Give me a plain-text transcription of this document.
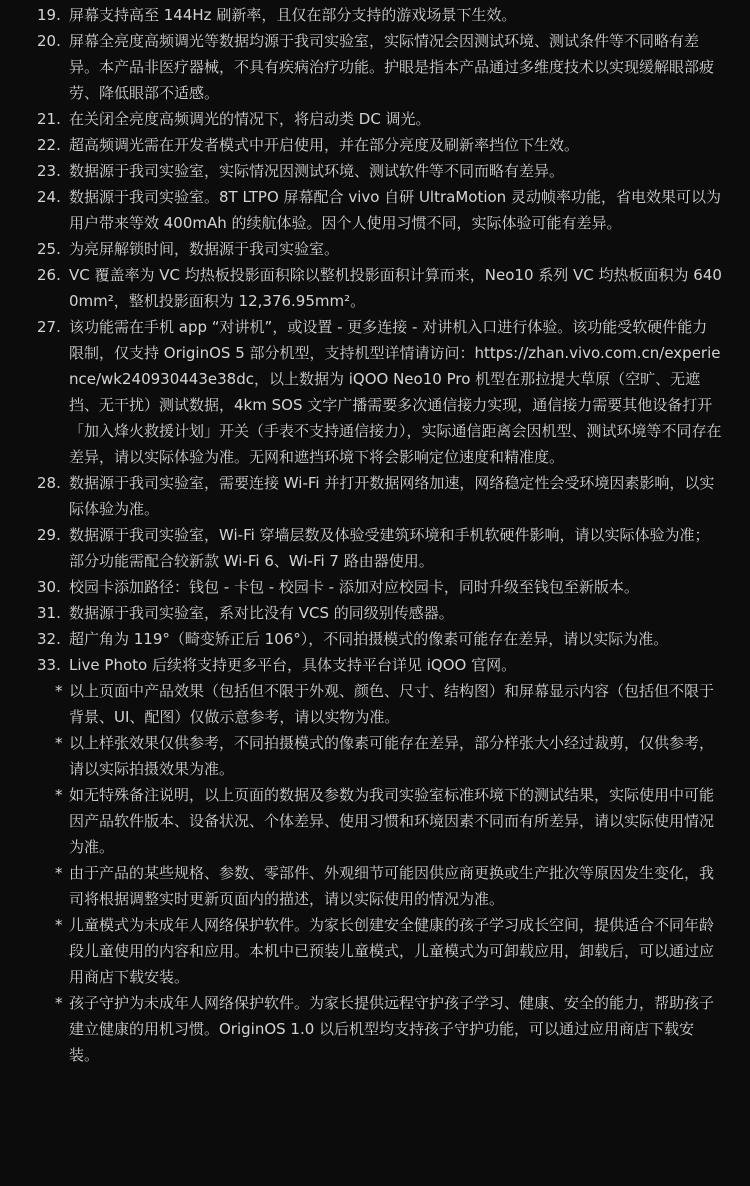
19. 屏幕支持高至 144Hz 刷新率，且仅在部分支持的游戏场景下生效。
20. 屏幕全亮度高频调光等数据均源于我司实验室，实际情况会因测试环境、测试条件等不同略有差异。本产品非医疗器械，不具有疾病治疗功能。护眼是指本产品通过多维度技术以实现缓解眼部疲劳、降低眼部不适感。
21. 在关闭全亮度高频调光的情况下，将启动类 DC 调光。
22. 超高频调光需在开发者模式中开启使用，并在部分亮度及刷新率挡位下生效。
23. 数据源于我司实验室，实际情况因测试环境、测试软件等不同而略有差异。
24. 数据源于我司实验室。8T LTPO 屏幕配合 vivo 自研 UltraMotion 灵动帧率功能，省电效果可以为用户带来等效 400mAh 的续航体验。因个人使用习惯不同，实际体验可能有差异。
25. 为亮屏解锁时间，数据源于我司实验室。
26. VC 覆盖率为 VC 均热板投影面积除以整机投影面积计算而来，Neo10 系列 VC 均热板面积为 6400mm²，整机投影面积为 12,376.95mm²。
27. 该功能需在手机 app “对讲机”，或设置 - 更多连接 - 对讲机入口进行体验。该功能受软硬件能力限制，仅支持 OriginOS 5 部分机型，支持机型详情请访问：https://zhan.vivo.com.cn/experience/wk240930443e38dc，以上数据为 iQOO Neo10 Pro 机型在那拉提大草原（空旷、无遮挡、无干扰）测试数据，4km SOS 文字广播需要多次通信接力实现，通信接力需要其他设备打开「加入烽火救援计划」开关（手表不支持通信接力），实际通信距离会因机型、测试环境等不同存在差异，请以实际体验为准。无网和遮挡环境下将会影响定位速度和精准度。
28. 数据源于我司实验室，需要连接 Wi-Fi 并打开数据网络加速，网络稳定性会受环境因素影响，以实际体验为准。
29. 数据源于我司实验室，Wi-Fi 穿墙层数及体验受建筑环境和手机软硬件影响，请以实际体验为准；部分功能需配合较新款 Wi-Fi 6、Wi-Fi 7 路由器使用。
30. 校园卡添加路径：钱包 - 卡包 - 校园卡 - 添加对应校园卡，同时升级至钱包至新版本。
31. 数据源于我司实验室，系对比没有 VCS 的同级别传感器。
32. 超广角为 119°（畸变矫正后 106°），不同拍摄模式的像素可能存在差异，请以实际为准。
33. Live Photo 后续将支持更多平台，具体支持平台详见 iQOO 官网。
* 以上页面中产品效果（包括但不限于外观、颜色、尺寸、结构图）和屏幕显示内容（包括但不限于背景、UI、配图）仅做示意参考，请以实物为准。
* 以上样张效果仅供参考，不同拍摄模式的像素可能存在差异，部分样张大小经过裁剪，仅供参考，请以实际拍摄效果为准。
* 如无特殊备注说明，以上页面的数据及参数为我司实验室标准环境下的测试结果，实际使用中可能因产品软件版本、设备状况、个体差异、使用习惯和环境因素不同而有所差异，请以实际使用情况为准。
* 由于产品的某些规格、参数、零部件、外观细节可能因供应商更换或生产批次等原因发生变化，我司将根据调整实时更新页面内的描述，请以实际使用的情况为准。
* 儿童模式为未成年人网络保护软件。为家长创建安全健康的孩子学习成长空间，提供适合不同年龄段儿童使用的内容和应用。本机中已预装儿童模式，儿童模式为可卸载应用，卸载后，可以通过应用商店下载安装。
* 孩子守护为未成年人网络保护软件。为家长提供远程守护孩子学习、健康、安全的能力，帮助孩子建立健康的用机习惯。OriginOS 1.0 以后机型均支持孩子守护功能，可以通过应用商店下载安装。
